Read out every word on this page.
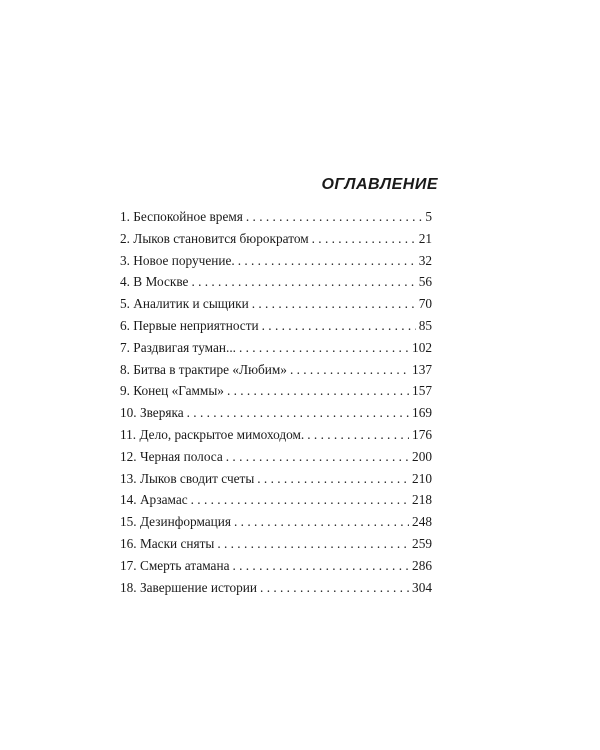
ОГЛАВЛЕНИЕ
1. Беспокойное время . . .	5
2. Лыков становится бюрократом . . .	21
3. Новое поручение. . . .	32
4. В Москве . . .	56
5. Аналитик и сыщики . . .	70
6. Первые неприятности . . .	85
7. Раздвигая туман... . . .	102
8. Битва в трактире «Любим» . . .	137
9. Конец «Гаммы» . . .	157
10. Зверяка . . .	169
11. Дело, раскрытое мимоходом. . . .	176
12. Черная полоса . . .	200
13. Лыков сводит счеты . . .	210
14. Арзамас . . .	218
15. Дезинформация . . .	248
16. Маски сняты . . .	259
17. Смерть атамана . . .	286
18. Завершение истории . . .	304
